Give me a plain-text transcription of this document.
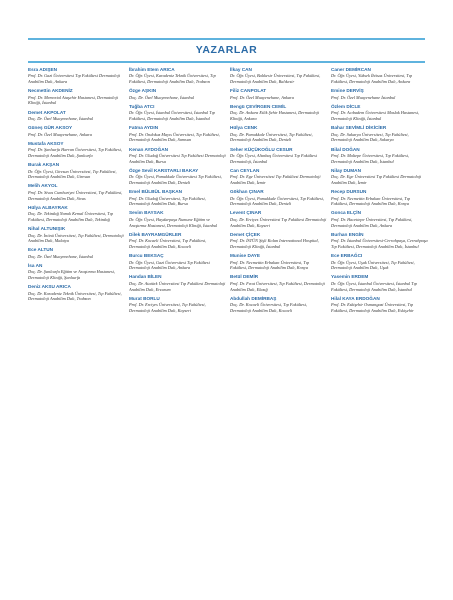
YAZARLAR
Esra ADIŞEN
Prof. Dr. Gazi Üniversitesi Tıp Fakültesi Dermatoloji Anabilim Dalı, Ankara
Necmettin AKDENİZ
Prof. Dr. Memorial Ataşehir Hastanesi, Dermatoloji Kliniği, İstanbul
Demet AKPOLAT
Doç. Dr. Özel Muayenehane, İstanbul
Güneş GÜR AKSOY
Prof. Dr. Özel Muayenehane, Ankara
Mustafa AKSOY
Prof. Dr. Şanlıurfa Harran Üniversitesi, Tıp Fakültesi, Dermatoloji Anabilim Dalı, Şanlıurfa
Burak AKŞAN
Dr. Öğr. Üyesi, Giresun Üniversitesi, Tıp Fakültesi, Dermatoloji Anabilim Dalı, Giresun
Melih AKYOL
Prof. Dr. Sivas Cumhuriyet Üniversitesi, Tıp Fakültesi, Dermatoloji Anabilim Dalı, Sivas
Hülya ALBAYRAK
Doç. Dr. Tekirdağ Namık Kemal Üniversitesi, Tıp Fakültesi, Dermatoloji Anabilim Dalı, Tekirdağ
Nihal ALTUNIŞIK
Doç. Dr. İnönü Üniversitesi, Tıp Fakültesi, Dermatoloji Anabilim Dalı, Malatya
Ece ALTUN
Doç. Dr. Özel Muayenehane, İstanbul
İsa AN
Doç. Dr. Şanlıurfa Eğitim ve Araştırma Hastanesi, Dermatoloji Kliniği, Şanlıurfa
Deniz AKSU ARICA
Doç. Dr. Karadeniz Teknik Üniversitesi, Tıp Fakültesi, Dermatoloji Anabilim Dalı, Trabzon
İbrahim Etem ARICA
Dr. Öğr. Üyesi, Karadeniz Teknik Üniversitesi, Tıp Fakültesi, Dermatoloji Anabilim Dalı, Trabzon
Özge AŞKIN
Doç. Dr. Özel Muayenehane, İstanbul
Tuğba ATCI
Dr. Öğr. Üyesi, İstanbul Üniversitesi, İstanbul Tıp Fakültesi, Dermatoloji Anabilim Dalı, İstanbul
Fatma AYDIN
Prof. Dr. Ondokuz Mayıs Üniversitesi, Tıp Fakültesi, Dermatoloji Anabilim Dalı, Samsun
Kenan AYDOĞAN
Prof. Dr. Uludağ Üniversitesi Tıp Fakültesi Dermatoloji Anabilim Dalı, Bursa
Özge Sevil KARSTARLI BAKAY
Dr. Öğr. Üyesi, Pamukkale Üniversitesi Tıp Fakültesi, Dermatoloji Anabilim Dalı, Denizli
Emel BÜLBÜL BAŞKAN
Prof. Dr. Uludağ Üniversitesi, Tıp Fakültesi, Dermatoloji Anabilim Dalı, Bursa
Sevim BAYSAK
Dr. Öğr. Üyesi, Haydarpaşa Numune Eğitim ve Araştırma Hastanesi, Dermatoloji Kliniği, İstanbul
Dilek BAYRAMGÜRLER
Prof. Dr. Kocaeli Üniversitesi, Tıp Fakültesi, Dermatoloji Anabilim Dalı, Kocaeli
Burcu BEKSAÇ
Dr. Öğr. Üyesi, Gazi Üniversitesi Tıp Fakültesi Dermatoloji Anabilim Dalı, Ankara
Handan BİLEN
Doç. Dr. Atatürk Üniversitesi Tıp Fakültesi Dermatoloji Anabilim Dalı, Erzurum
Murat BORLU
Prof. Dr. Erciyes Üniversitesi, Tıp Fakültesi, Dermatoloji Anabilim Dalı, Kayseri
İlkay CAN
Dr. Öğr. Üyesi, Balıkesir Üniversitesi, Tıp Fakültesi, Dermatoloji Anabilim Dalı, Balıkesir
Filiz CANPOLAT
Prof. Dr. Özel Muayenehane, Ankara
Bengü ÇEVİRGEN CEMİL
Doç. Dr. Ankara Etlik Şehir Hastanesi, Dermatoloji Kliniği, Ankara
Hülya CENK
Doç. Dr. Pamukkale Üniversitesi, Tıp Fakültesi, Dermatoloji Anabilim Dalı, Denizli
Seher KÜÇÜKOĞLU CESUR
Dr. Öğr. Üyesi, Altınbaş Üniversitesi Tıp Fakültesi Dermatoloji, İstanbul
Can CEYLAN
Prof. Dr. Ege Üniversitesi Tıp Fakültesi Dermatoloji Anabilim Dalı, İzmir
Gökhan ÇINAR
Dr. Öğr. Üyesi, Pamukkale Üniversitesi, Tıp Fakültesi, Dermatoloji Anabilim Dalı, Denizli
Levent ÇINAR
Doç. Dr. Erciyes Üniversitesi Tıp Fakültesi Dermatoloji Anabilim Dalı, Kayseri
Demet ÇİÇEK
Prof. Dr. İSTÜN Şişli Kolan International Hospital, Dermatoloji Kliniği, İstanbul
Munise DAYE
Prof. Dr. Necmettin Erbakan Üniversitesi, Tıp Fakültesi, Dermatoloji Anabilim Dalı, Konya
Betül DEMİR
Prof. Dr. Fırat Üniversitesi, Tıp Fakültesi, Dermatoloji Anabilim Dalı, Elazığ
Abdullah DEMİRBAŞ
Doç. Dr. Kocaeli Üniversitesi, Tıp Fakültesi, Dermatoloji Anabilim Dalı, Kocaeli
Caner DEMİRCAN
Dr. Öğr. Üyesi, Yüksek İhtisas Üniversitesi, Tıp Fakültesi, Dermatoloji Anabilim Dalı, Ankara
Emine DERVİŞ
Prof. Dr. Özel Muayenehane İstanbul
Özlem DİCLE
Prof. Dr. Acıbadem Üniversitesi Maslak Hastanesi, Dermatoloji Kliniği, İstanbul
Bahar SEVİMLİ DİKİCİER
Doç. Dr. Sakarya Üniversitesi, Tıp Fakültesi, Dermatoloji Anabilim Dalı, Sakarya
Bilal DOĞAN
Prof. Dr. Maltepe Üniversitesi, Tıp Fakültesi, Dermatoloji Anabilim Dalı, İstanbul
Nilay DUMAN
Doç. Dr. Ege Üniversitesi Tıp Fakültesi Dermatoloji Anabilim Dalı, İzmir
Recep DURSUN
Prof. Dr. Necmettin Erbakan Üniversitesi, Tıp Fakültesi, Dermatoloji Anabilim Dalı, Konya
Gonca ELÇİN
Prof. Dr. Hacettepe Üniversitesi, Tıp Fakültesi, Dermatoloji Anabilim Dalı, Ankara
Burhan ENGİN
Prof. Dr. İstanbul Üniversitesi-Cerrahpaşa, Cerrahpaşa Tıp Fakültesi, Dermatoloji Anabilim Dalı, İstanbul
Ece ERBAĞCI
Dr. Öğr. Üyesi, Uşak Üniversitesi, Tıp Fakültesi, Dermatoloji Anabilim Dalı, Uşak
Yasemin ERDEM
Dr. Öğr. Üyesi, İstanbul Üniversitesi, İstanbul Tıp Fakültesi, Dermatoloji Anabilim Dalı, İstanbul
Hilal KAYA ERDOĞAN
Prof. Dr. Eskişehir Osmangazi Üniversitesi, Tıp Fakültesi, Dermatoloji Anabilim Dalı, Eskişehir
